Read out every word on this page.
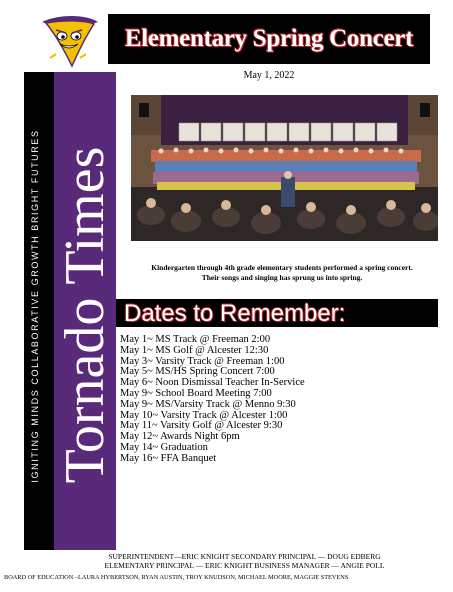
IGNITING MINDS COLLABORATIVE GROWTH BRIGHT FUTURES Tornado Times
Elementary Spring Concert
May 1, 2022
Kindergarten through 4th grade elementary students performed a spring concert.
Their songs and singing has sprung us into spring.
Dates to Remember:
May 1~ MS Track @ Freeman 2:00
May 1~ MS Golf @ Alcester 12:30
May 3~ Varsity Track @ Freeman 1:00
May 5~ MS/HS Spring Concert 7:00
May 6~ Noon Dismissal Teacher In-Service
May 9~ School Board Meeting 7:00
May 9~ MS/Varsity Track @ Menno 9:30
May 10~ Varsity Track @ Alcester 1:00
May 11~ Varsity Golf @ Alcester 9:30
May 12~ Awards Night 6pm
May 14~ Graduation
May 16~ FFA Banquet
SUPERINTENDENT—ERIC KNIGHT SECONDARY PRINCIPAL — DOUG EDBERG
ELEMENTARY PRINCIPAL — ERIC KNIGHT BUSINESS MANAGER — ANGIE POLL
BOARD OF EDUCATION –LAURA HYBERTSON, RYAN AUSTIN, TROY KNUDSON, MICHAEL MOORE, MAGGIE STEVENS
